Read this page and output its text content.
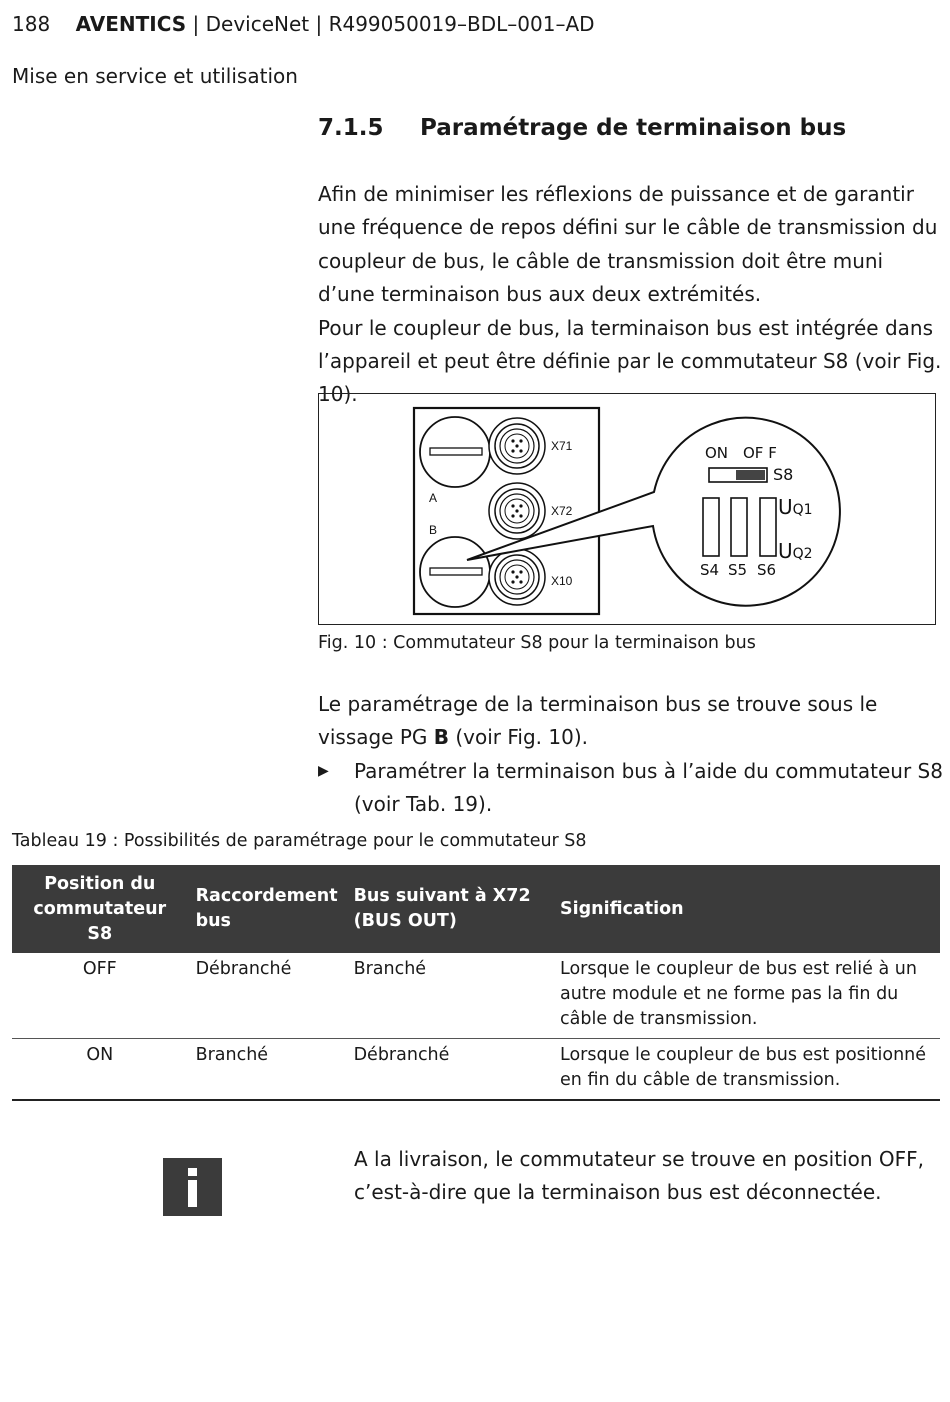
188 AVENTICS | DeviceNet | R499050019–BDL–001–AD
Mise en service et utilisation
7.1.5 Paramétrage de terminaison bus
Afin de minimiser les réflexions de puissance et de garantir une fréquence de repos défini sur le câble de transmission du coupleur de bus, le câble de transmission doit être muni d’une terminaison bus aux deux extrémités.
Pour le coupleur de bus, la terminaison bus est intégrée dans l’appareil et peut être définie par le commutateur S8 (voir Fig. 10).
X71
X72
X10
A
B
ON OF F
S8
UQ1
UQ2
S4 S5 S6
Fig. 10 : Commutateur S8 pour la terminaison bus
Le paramétrage de la terminaison bus se trouve sous le vissage PG B (voir Fig. 10).
▶ Paramétrer la terminaison bus à l’aide du commutateur S8 (voir Tab. 19).
Tableau 19 : Possibilités de paramétrage pour le commutateur S8
Position du commutateur S8	Raccordement bus	Bus suivant à X72 (BUS OUT)	Signification
OFF	Débranché	Branché	Lorsque le coupleur de bus est relié à un autre module et ne forme pas la fin du câble de transmission.
ON	Branché	Débranché	Lorsque le coupleur de bus est positionné en fin du câble de transmission.
A la livraison, le commutateur se trouve en position OFF, c’est-à-dire que la terminaison bus est déconnectée.
